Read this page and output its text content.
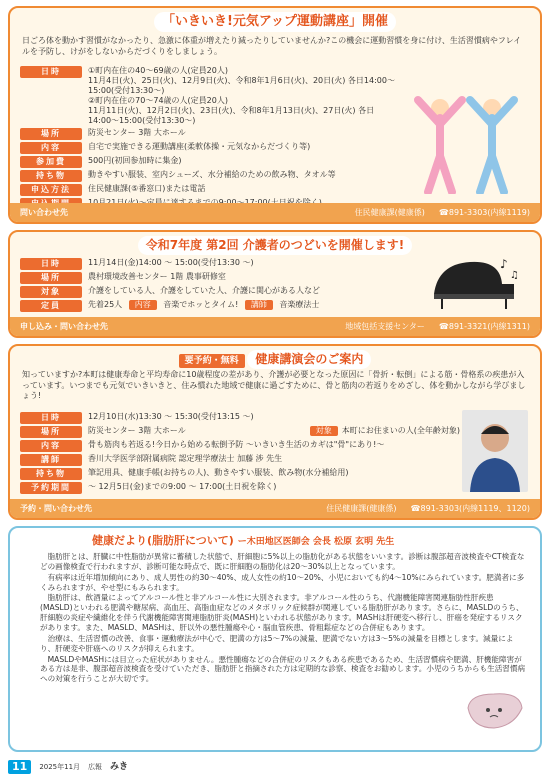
「いきいき!元気アップ運動講座」開催
日ごろ体を動かす習慣がなかったり、急激に体重が増えたり減ったりしていませんか?この機会に運動習慣を身に付け、生活習慣病やフレイルを予防し、けがをしないからだづくりをしましょう。
日時	①町内在住の40〜69歳の人(定員20人)
11月4日(火)、25日(火)、12月9日(火)、令和8年1月6日(火)、20日(火) 各日14:00〜15:00(受付13:30〜)
②町内在住の70〜74歳の人(定員20人)
11月11日(火)、12月2日(火)、23日(火)、令和8年1月13日(火)、27日(火) 各日14:00〜15:00(受付13:30〜)
場所	防災センター 3階 大ホール
内容	自宅で実施できる運動講座(柔軟体操・元気なからだづくり等)
参加費	500円(初回参加時に集金)
持ち物	動きやすい服装、室内シューズ、水分補給のための飲み物、タオル等
申込方法	住民健康課(⑤番窓口)または電話
問い合わせ先	住民健康課(健康係) ☎891-3303(内線1119)
令和7年度 第2回 介護者のつどいを開催します!
日時	11月14日(金)14:00 〜 15:00(受付13:30 〜)
場所	農村環境改善センター 1階 農事研修室
対象	介護をしている人、介護をしていた人、介護に関心がある人など
定員	先着25人 内容 音楽でホッとタイム! 講師 音楽療法士
♪
♫
申し込み・問い合わせ先	地域包括支援センター ☎891-3321(内線1311)
要予約・無料 健康講演会のご案内
知っていますか?本町は健康寿命と平均寿命に10歳程度の差があり、介護が必要となった原因に「骨折・転倒」による筋・骨格系の疾患が入っています。いつまでも元気でいきいきと、住み慣れた地域で健康に過ごすために、骨と筋肉の若返りをめざし、体を動かしながら学びましょう!
日時	12月10日(水)13:30 〜 15:30(受付13:15 〜)
場所	防災センター 3階 大ホール	対象	本町にお住まいの人(全年齢対象)
内容	骨も筋肉も若返る!今日から始める転倒予防 〜いきいき生活のカギは"骨"にあり!〜
講師	香川大学医学部附属病院 認定理学療法士 加藤 涉 先生
持ち物	筆記用具、健康手帳(お持ちの人)、動きやすい服装、飲み物(水分補給用)
予約期間	〜 12月5日(金)までの9:00 〜 17:00(土日祝を除く)
予約・問い合わせ先	住民健康課(健康係) ☎891-3303(内線1119、1120)
健康だより(脂肪肝について) ー木田地区医師会 会長 松原 玄明 先生

脂肪肝とは、肝臓に中性脂肪が異常に蓄積した状態で、肝細胞に5%以上の脂肪化がある状態をいいます。診断は腹部超音波検査やCT検査などの画像検査で行われますが、診断可能な時点で、既に肝細胞の脂肪化は20〜30%以上となっています。

有病率は近年増加傾向にあり、成人男性の約30〜40%、成人女性の約10〜20%、小児においても約4〜10%にみられています。肥満者に多くみられますが、やせ型にもみられます。

脂肪肝は、飲酒量によってアルコール性と非アルコール性に大別されます。非アルコール性のうち、代謝機能障害関連脂肪性肝疾患(MASLD)といわれる肥満や糖尿病、高血圧、高脂血症などのメタボリック症候群が関連している脂肪肝があります。さらに、MASLDのうち、肝細胞の炎症や繊維化を伴う代謝機能障害関連脂肪肝炎(MASH)といわれる状態があります。MASHは肝硬変へ移行し、肝癌を発症するリスクがあります。また、MASLD、MASHは、肝以外の悪性腫瘍や心・脳血管疾患、骨粗鬆症などの合併症もあります。

治療は、生活習慣の改善、食事・運動療法が中心で、肥満の方は5〜7%の減量、肥満でない方は3〜5%の減量を目標とします。減量により、肝硬変や肝癌へのリスクが抑えられます。

MASLDやMASHには目立った症状がありません。悪性腫瘍などの合併症のリスクもある疾患であるため、生活習慣病や肥満、肝機能障害がある方は是非、腹部超音波検査を受けていただき、脂肪肝と指摘された方は定期的な診察、検査をお勧めします。小児のうちからも生活習慣病への対策を行うことが大切です。

11	2025年11月 広報 みき
